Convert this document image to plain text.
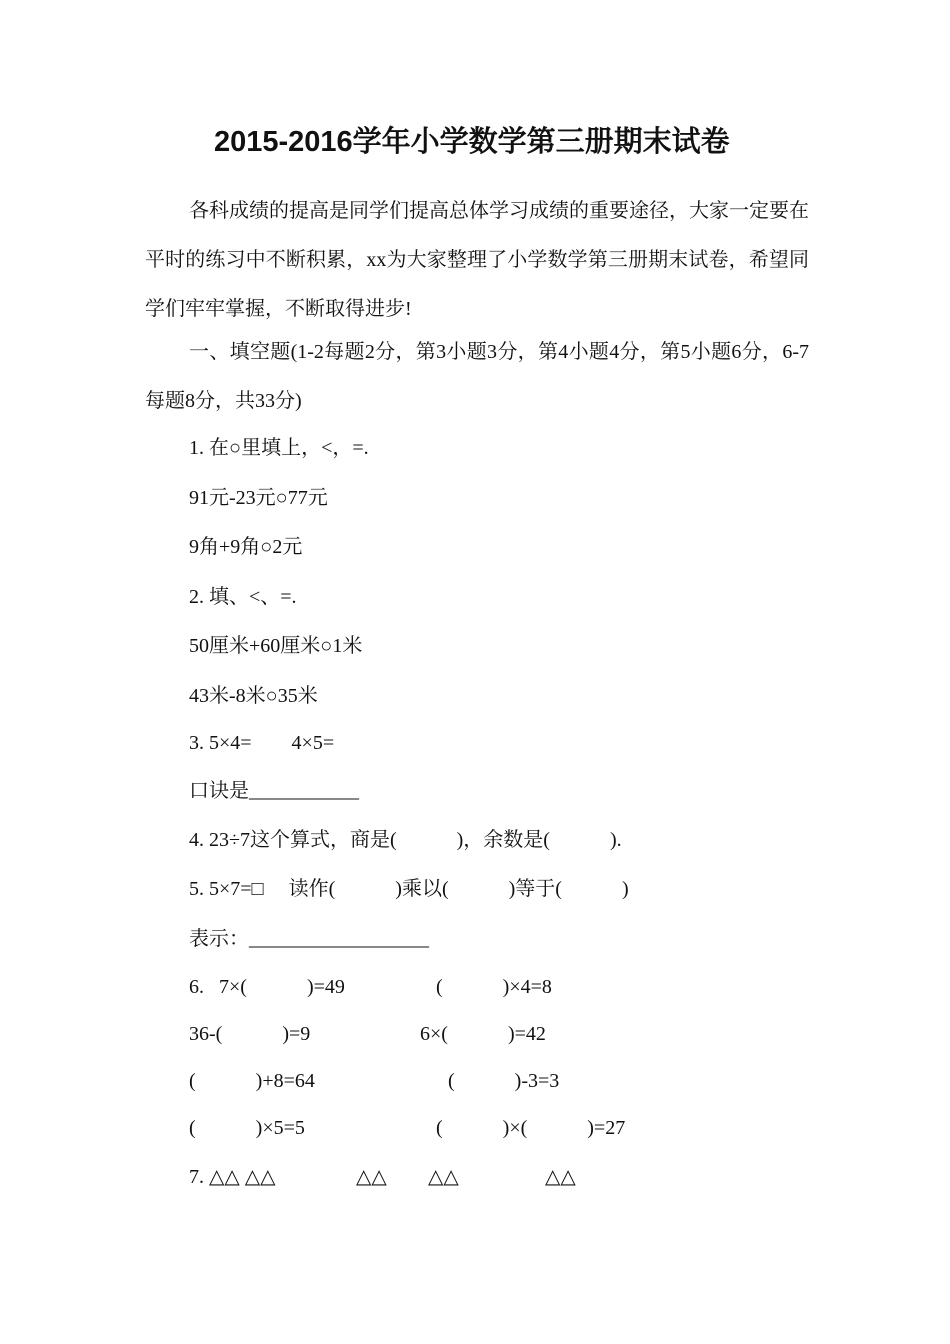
2015-2016学年小学数学第三册期末试卷
各科成绩的提高是同学们提高总体学习成绩的重要途径，大家一定要在平时的练习中不断积累，xx为大家整理了小学数学第三册期末试卷，希望同学们牢牢掌握，不断取得进步!
一、填空题(1-2每题2分，第3小题3分，第4小题4分，第5小题6分，6-7每题8分，共33分)
1. 在○里填上，<，=.
91元-23元○77元
9角+9角○2元
2. 填、<、=.
50厘米+60厘米○1米
43米-8米○35米
3. 5×4=        4×5=
口诀是___________
4. 23÷7这个算式，商是(            )，余数是(            ).
5. 5×7=□     读作(            )乘以(            )等于(            )
表示：__________________
6.   7×(            )=49	(            )×4=8
36-(            )=9	6×(            )=42
(            )+8=64	(            )-3=3
(            )×5=5	(            )×(            )=27
7. △△ △△	△△ △△	△△
